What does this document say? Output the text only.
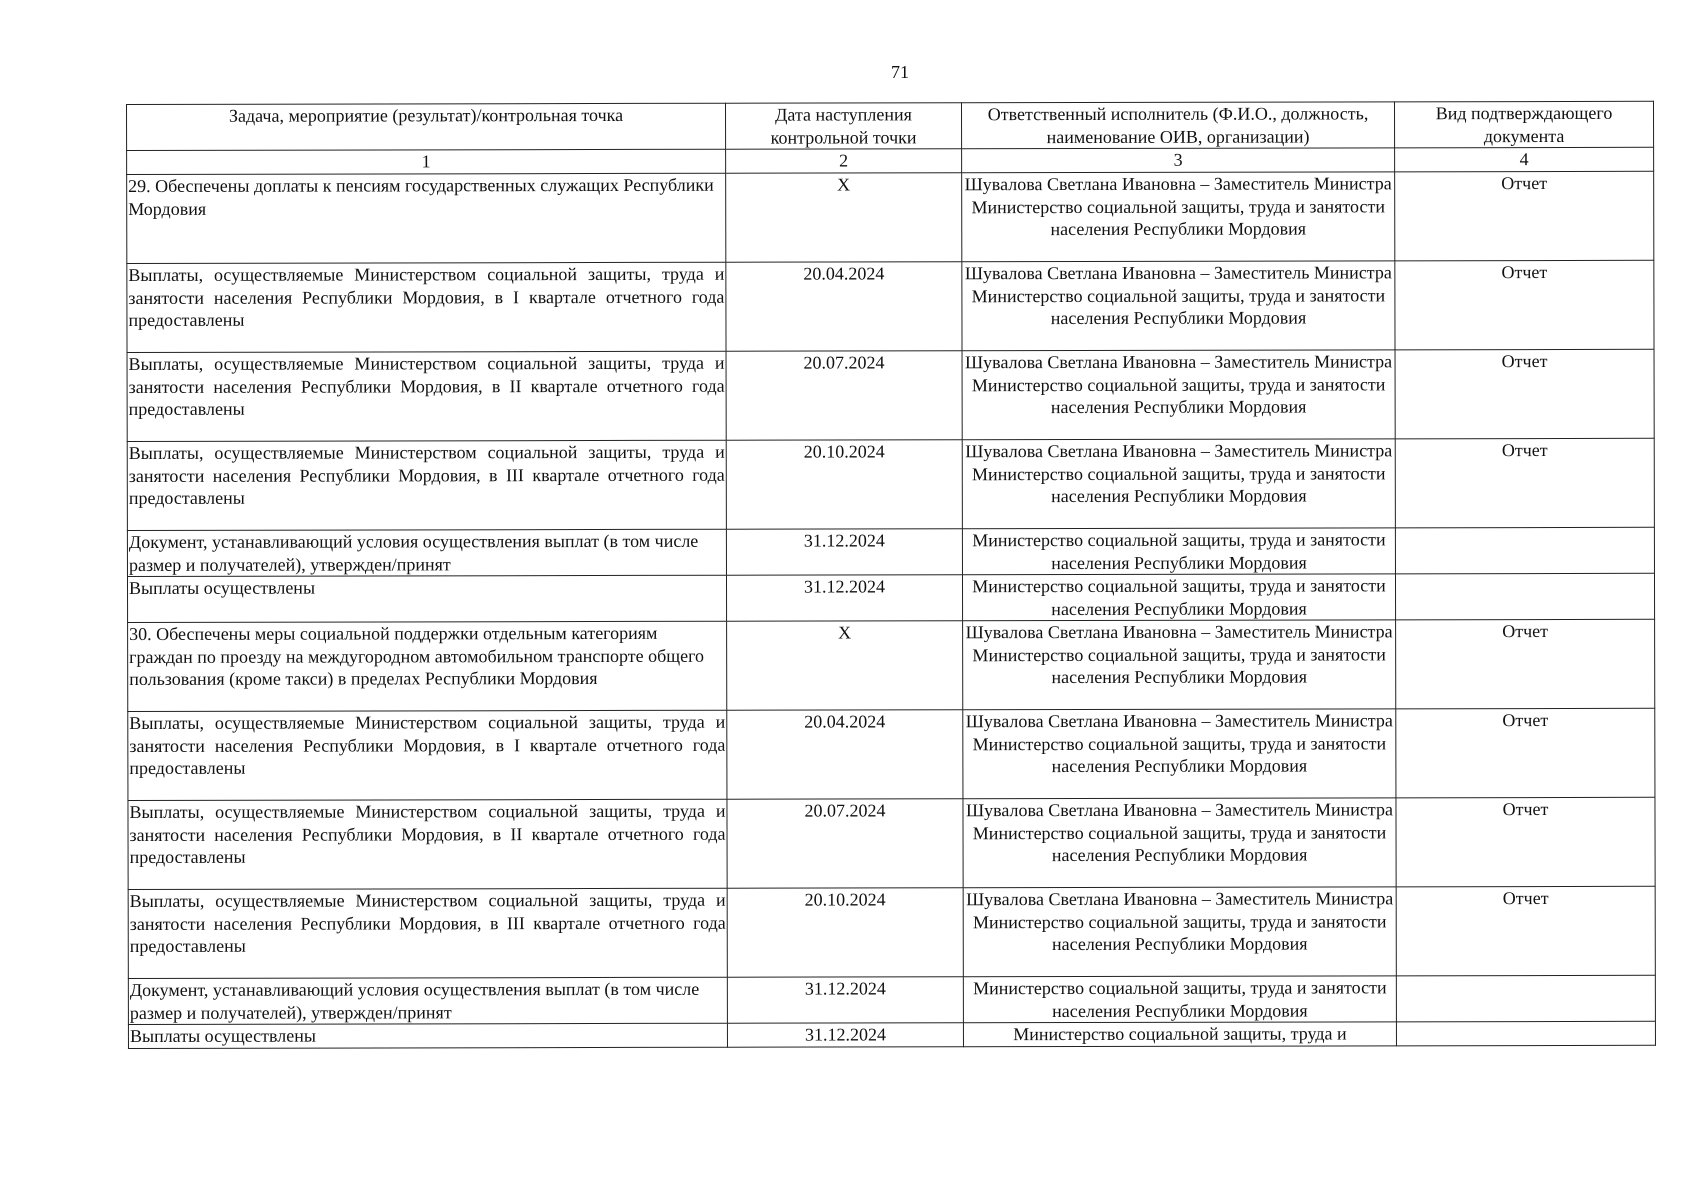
71
Задача, мероприятие (результат)/контрольная точка	Дата наступления контрольной точки	Ответственный исполнитель (Ф.И.О., должность, наименование ОИВ, организации)	Вид подтверждающего документа
1	2	3	4
29. Обеспечены доплаты к пенсиям государственных служащих Республики Мордовия	X	Шувалова Светлана Ивановна – Заместитель Министра
Министерство социальной защиты, труда и занятости населения Республики Мордовия	Отчет
Выплаты, осуществляемые Министерством социальной защиты, труда и занятости населения Республики Мордовия, в I квартале отчетного года предоставлены	20.04.2024	Шувалова Светлана Ивановна – Заместитель Министра
Министерство социальной защиты, труда и занятости населения Республики Мордовия	Отчет
Выплаты, осуществляемые Министерством социальной защиты, труда и занятости населения Республики Мордовия, в II квартале отчетного года предоставлены	20.07.2024	Шувалова Светлана Ивановна – Заместитель Министра
Министерство социальной защиты, труда и занятости населения Республики Мордовия	Отчет
Выплаты, осуществляемые Министерством социальной защиты, труда и занятости населения Республики Мордовия, в III квартале отчетного года предоставлены	20.10.2024	Шувалова Светлана Ивановна – Заместитель Министра
Министерство социальной защиты, труда и занятости населения Республики Мордовия	Отчет
Документ, устанавливающий условия осуществления выплат (в том числе размер и получателей), утвержден/принят	31.12.2024	Министерство социальной защиты, труда и занятости населения Республики Мордовия	

Выплаты осуществлены	31.12.2024	Министерство социальной защиты, труда и занятости населения Республики Мордовия	

30. Обеспечены меры социальной поддержки отдельным категориям граждан по проезду на междугородном автомобильном транспорте общего пользования (кроме такси) в пределах Республики Мордовия	X	Шувалова Светлана Ивановна – Заместитель Министра
Министерство социальной защиты, труда и занятости населения Республики Мордовия	Отчет
Выплаты, осуществляемые Министерством социальной защиты, труда и занятости населения Республики Мордовия, в I квартале отчетного года предоставлены	20.04.2024	Шувалова Светлана Ивановна – Заместитель Министра
Министерство социальной защиты, труда и занятости населения Республики Мордовия	Отчет
Выплаты, осуществляемые Министерством социальной защиты, труда и занятости населения Республики Мордовия, в II квартале отчетного года предоставлены	20.07.2024	Шувалова Светлана Ивановна – Заместитель Министра
Министерство социальной защиты, труда и занятости населения Республики Мордовия	Отчет
Выплаты, осуществляемые Министерством социальной защиты, труда и занятости населения Республики Мордовия, в III квартале отчетного года предоставлены	20.10.2024	Шувалова Светлана Ивановна – Заместитель Министра
Министерство социальной защиты, труда и занятости населения Республики Мордовия	Отчет
Документ, устанавливающий условия осуществления выплат (в том числе размер и получателей), утвержден/принят	31.12.2024	Министерство социальной защиты, труда и занятости населения Республики Мордовия	

Выплаты осуществлены	31.12.2024	Министерство социальной защиты, труда и	
